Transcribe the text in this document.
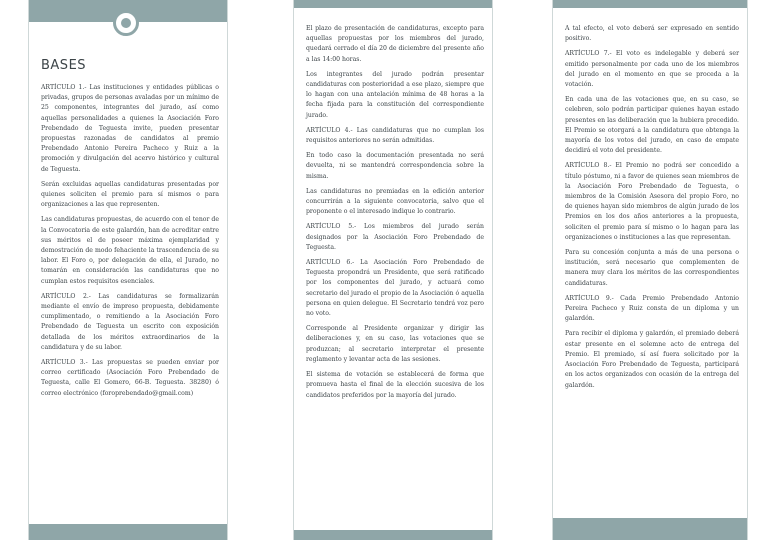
BASES

ARTÍCULO 1.- Las instituciones y entidades públicas o privadas, grupos de personas avaladas por un mínimo de 25 componentes, integrantes del jurado, así como aquellas personalidades a quienes la Asociación Foro Prebendado de Teguesta invite, pueden presentar propuestas razonadas de candidatos al premio Prebendado Antonio Pereira Pacheco y Ruiz a la promoción y divulgación del acervo histórico y cultural de Teguesta.

Serán excluidas aquellas candidaturas presentadas por quienes soliciten el premio para sí mismos o para organizaciones a las que representen.

Las candidaturas propuestas, de acuerdo con el tenor de la Convocatoria de este galardón, han de acreditar entre sus méritos el de poseer máxima ejemplaridad y demostración de modo fehaciente la trascendencia de su labor. El Foro o, por delegación de ella, el Jurado, no tomarán en consideración las candidaturas que no cumplan estos requisitos esenciales.

ARTÍCULO 2.- Las candidaturas se formalizarán mediante el envío de impreso propuesta, debidamente cumplimentado, o remitiendo a la Asociación Foro Prebendado de Teguesta un escrito con exposición detallada de los méritos extraordinarios de la candidatura y de su labor.

ARTÍCULO 3.- Las propuestas se pueden enviar por correo certificado (Asociación Foro Prebendado de Teguesta, calle El Gomero, 66-B. Teguesta. 38280) ó correo electrónico (foroprebendado@gmail.com)

El plazo de presentación de candidaturas, excepto para aquellas propuestas por los miembros del jurado, quedará cerrado el día 20 de diciembre del presente año a las 14:00 horas.

Los integrantes del jurado podrán presentar candidaturas con posterioridad a ese plazo, siempre que lo hagan con una antelación mínima de 48 horas a la fecha fijada para la constitución del correspondiente jurado.

ARTÍCULO 4.- Las candidaturas que no cumplan los requisitos anteriores no serán admitidas.

En todo caso la documentación presentada no será devuelta, ni se mantendrá correspondencia sobre la misma.

Las candidaturas no premiadas en la edición anterior concurrirán a la siguiente convocatoria, salvo que el proponente o el interesado indique lo contrario.

ARTÍCULO 5.- Los miembros del jurado serán designados por la Asociación Foro Prebendado de Teguesta.

ARTÍCULO 6.- La Asociación Foro Prebendado de Teguesta propondrá un Presidente, que será ratificado por los componentes del jurado, y actuará como secretario del jurado el propio de la Asociación ó aquella persona en quien delegue. El Secretario tendrá voz pero no voto.

Corresponde al Presidente organizar y dirigir las deliberaciones y, en su caso, las votaciones que se produzcan; al secretario interpretar el presente reglamento y levantar acta de las sesiones.

El sistema de votación se establecerá de forma que promueva hasta el final de la elección sucesiva de los candidatos preferidos por la mayoría del jurado.

A tal efecto, el voto deberá ser expresado en sentido positivo.

ARTÍCULO 7.- El voto es indelegable y deberá ser emitido personalmente por cada uno de los miembros del jurado en el momento en que se proceda a la votación.

En cada una de las votaciones que, en su caso, se celebren, solo podrán participar quienes hayan estado presentes en las deliberación que la hubiera precedido. El Premio se otorgará a la candidatura que obtenga la mayoría de los votos del jurado, en caso de empate decidirá el voto del presidente.

ARTÍCULO 8.- El Premio no podrá ser concedido a título póstumo, ni a favor de quienes sean miembros de la Asociación Foro Prebendado de Teguesta, o miembros de la Comisión Asesora del propio Foro, no de quienes hayan sido miembros de algún jurado de los Premios en los dos años anteriores a la propuesta, soliciten el premio para sí mismo o lo hagan para las organizaciones o instituciones a las que representan.

Para su concesión conjunta a más de una persona o institución, será necesario que complementen de manera muy clara los méritos de las correspondientes candidaturas.

ARTÍCULO 9.- Cada Premio Prebendado Antonio Pereira Pacheco y Ruiz consta de un diploma y un galardón.

Para recibir el diploma y galardón, el premiado deberá estar presente en el solemne acto de entrega del Premio. El premiado, sí así fuera solicitado por la Asociación Foro Prebendado de Teguesta, participará en los actos organizados con ocasión de la entrega del galardón.
